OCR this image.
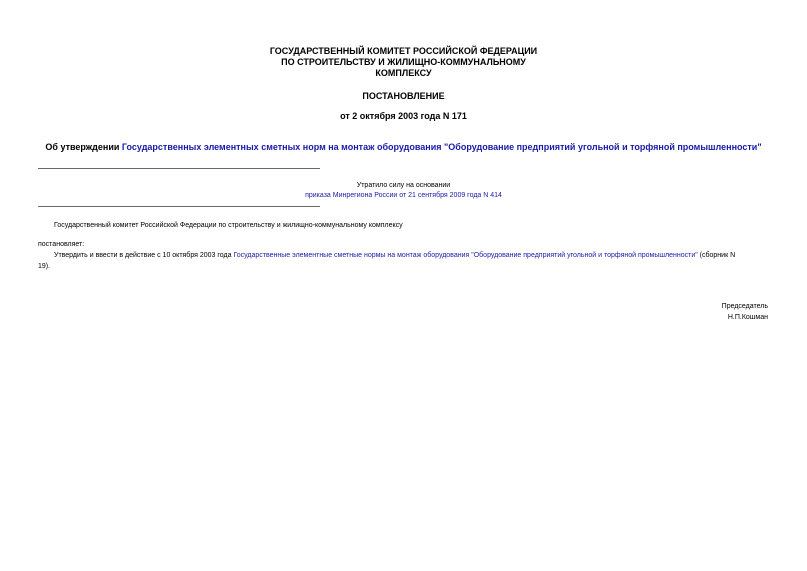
ГОСУДАРСТВЕННЫЙ КОМИТЕТ РОССИЙСКОЙ ФЕДЕРАЦИИ
ПО СТРОИТЕЛЬСТВУ И ЖИЛИЩНО-КОММУНАЛЬНОМУ
КОМПЛЕКСУ
ПОСТАНОВЛЕНИЕ
от 2 октября 2003 года N 171
Об утверждении Государственных элементных сметных норм на монтаж оборудования "Оборудование предприятий угольной и торфяной промышленности"
Утратило силу на основании
приказа Минрегиона России от 21 сентября 2009 года N 414
Государственный комитет Российской Федерации по строительству и жилищно-коммунальному комплексу
постановляет:
Утвердить и ввести в действие с 10 октября 2003 года Государственные элементные сметные нормы на монтаж оборудования "Оборудование предприятий угольной и торфяной промышленности" (сборник N
19).
Председатель
Н.П.Кошман
